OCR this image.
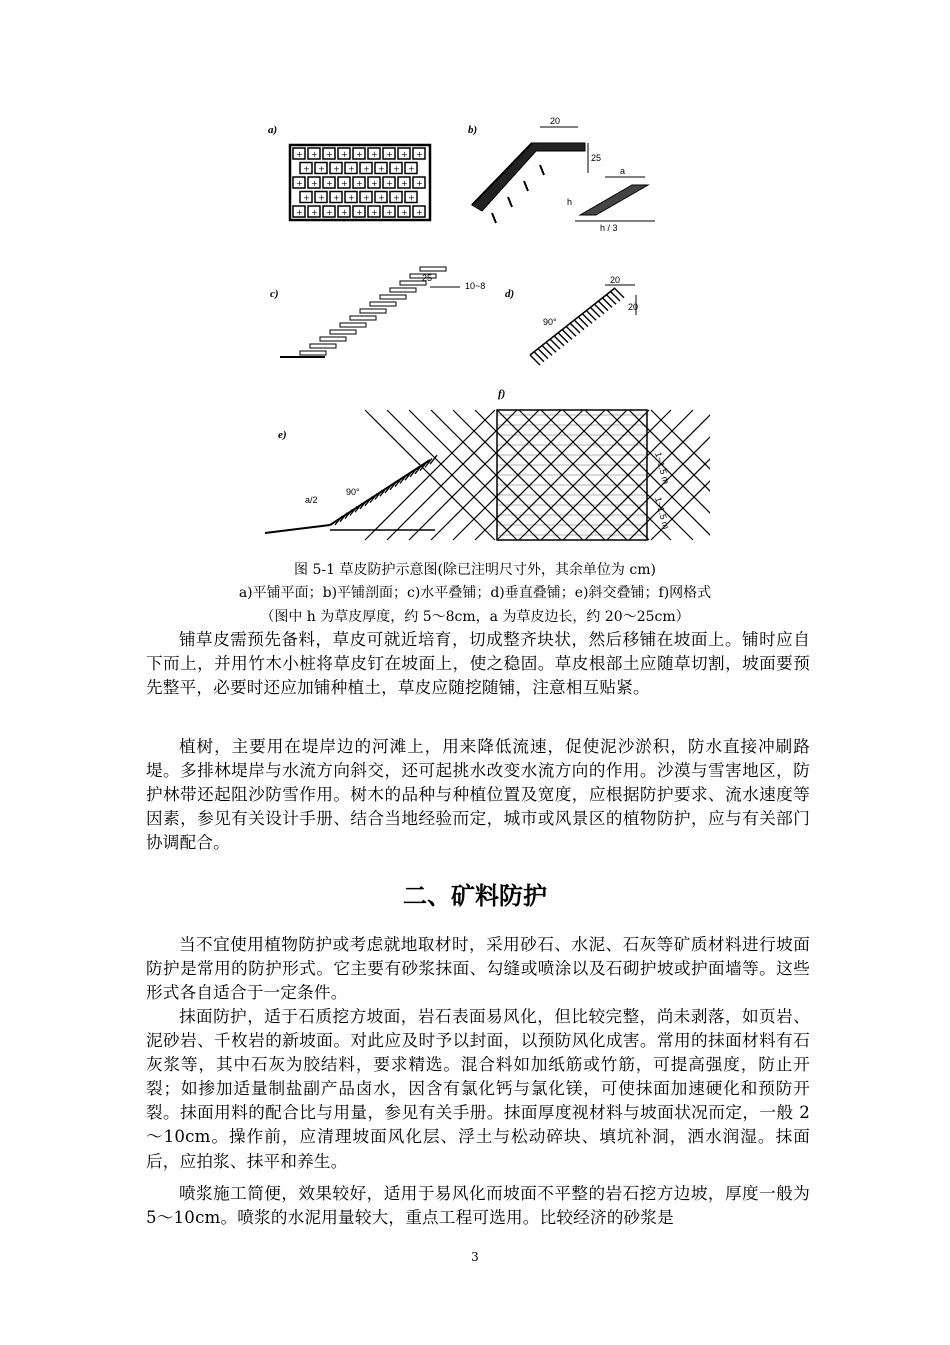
a)
+ + + + + + + + +
+ + + + + + + +
+ + + + + + + + +
+ + + + + + + +
+ + + + + + + + +
b)
20
25
a
h
h / 3
c)
25
10~8
d)
20
20
90°
e)
a/2
90°
f)
1~1.5 m
1~1.5 m
图 5-1 草皮防护示意图(除已注明尺寸外，其余单位为 cm)
a)平铺平面；b)平铺剖面；c)水平叠铺；d)垂直叠铺；e)斜交叠铺；f)网格式
（图中 h 为草皮厚度，约 5～8cm，a 为草皮边长，约 20～25cm）
铺草皮需预先备料，草皮可就近培育，切成整齐块状，然后移铺在坡面上。铺时应自下而上，并用竹木小桩将草皮钉在坡面上，使之稳固。草皮根部土应随草切割，坡面要预先整平，必要时还应加铺种植土，草皮应随挖随铺，注意相互贴紧。
植树，主要用在堤岸边的河滩上，用来降低流速，促使泥沙淤积，防水直接冲刷路堤。多排林堤岸与水流方向斜交，还可起挑水改变水流方向的作用。沙漠与雪害地区，防护林带还起阻沙防雪作用。树木的品种与种植位置及宽度，应根据防护要求、流水速度等因素，参见有关设计手册、结合当地经验而定，城市或风景区的植物防护，应与有关部门协调配合。
二、矿料防护
当不宜使用植物防护或考虑就地取材时，采用砂石、水泥、石灰等矿质材料进行坡面防护是常用的防护形式。它主要有砂浆抹面、勾缝或喷涂以及石砌护坡或护面墙等。这些形式各自适合于一定条件。
抹面防护，适于石质挖方坡面，岩石表面易风化，但比较完整，尚未剥落，如页岩、泥砂岩、千枚岩的新坡面。对此应及时予以封面，以预防风化成害。常用的抹面材料有石灰浆等，其中石灰为胶结料，要求精选。混合料如加纸筋或竹筋，可提高强度，防止开裂；如掺加适量制盐副产品卤水，因含有氯化钙与氯化镁，可使抹面加速硬化和预防开裂。抹面用料的配合比与用量，参见有关手册。抹面厚度视材料与坡面状况而定，一般 2～10cm。操作前，应清理坡面风化层、浮土与松动碎块、填坑补洞，洒水润湿。抹面后，应拍浆、抹平和养生。
喷浆施工简便，效果较好，适用于易风化而坡面不平整的岩石挖方边坡，厚度一般为 5～10cm。喷浆的水泥用量较大，重点工程可选用。比较经济的砂浆是
3
